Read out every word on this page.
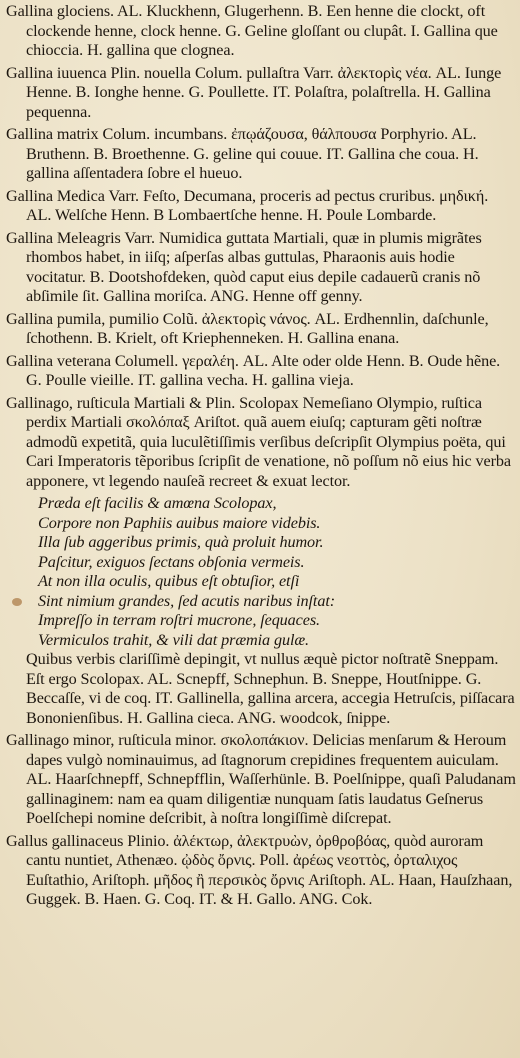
Gallina glociens. AL. Kluckhenn, Glugerhenn. B. Een henne die clockt, oft clockende henne, clock henne. G. Geline gloſſant ou clupât. I. Gallina que chioccia. H. gallina que clognea.

Gallina iuuenca Plin. nouella Colum. pullaſtra Varr. ἀλεκτορὶς νέα. AL. Iunge Henne. B. Ionghe henne. G. Poullette. IT. Polaſtra, polaſtrella. H. Gallina pequenna.

Gallina matrix Colum. incumbans. ἐπῳάζουσα, θάλπουσα Porphyrio. AL. Bruthenn. B. Broethenne. G. geline qui couue. IT. Gallina che coua. H. gallina aſſentadera ſobre el hueuo.

Gallina Medica Varr. Feſto, Decumana, proceris ad pectus cruribus. μηδική. AL. Welſche Henn. B Lombaertſche henne. H. Poule Lombarde.

Gallina Meleagris Varr. Numidica guttata Martiali, quæ in plumis migrãtes rhombos habet, in iiſq; aſperſas albas guttulas, Pharaonis auis hodie vocitatur. B. Dootshofdeken, quòd caput eius depile cadauerũ cranis nõ abſimile ſit. Gallina moriſca. ANG. Henne off genny.

Gallina pumila, pumilio Colũ. ἀλεκτορὶς νάνος. AL. Erdhennlin, daſchunle, ſchothenn. B. Krielt, oft Kriephenneken. H. Gallina enana.

Gallina veterana Columell. γεραλέη. AL. Alte oder olde Henn. B. Oude hẽne. G. Poulle vieille. IT. gallina vecha. H. gallina vieja.

Gallinago, ruſticula Martiali & Plin. Scolopax Nemeſiano Olympio, ruſtica perdix Martiali σκολόπαξ Ariſtot. quã auem eiuſq; capturam gẽti noſtræ admodũ expetitã, quia luculẽtiſſimis verſibus deſcripſit Olympius poëta, qui Cari Imperatoris tẽporibus ſcripſit de venatione, nõ poſſum nõ eius hic verba apponere, vt legendo nauſeã recreet & exuat lector.

Præda eſt facilis & amœna Scolopax,

Corpore non Paphiis auibus maiore videbis.

Illa ſub aggeribus primis, quà proluit humor.

Paſcitur, exiguos ſectans obſonia vermeis.

At non illa oculis, quibus eſt obtuſior, etſi

Sint nimium grandes, ſed acutis naribus inſtat:

Impreſſo in terram roſtri mucrone, ſequaces.

Vermiculos trahit, & vili dat præmia gulæ.

Quibus verbis clariſſimè depingit, vt nullus æquè pictor noſtratẽ Sneppam. Eſt ergo Scolopax. AL. Scnepff, Schnephun. B. Sneppe, Houtſnippe. G. Beccaſſe, vi de coq. IT. Gallinella, gallina arcera, accegia Hetruſcis, piſſacara Bononienſibus. H. Gallina cieca. ANG. woodcok, ſnippe.

Gallinago minor, ruſticula minor. σκολοπάκιον. Delicias menſarum & Heroum dapes vulgò nominauimus, ad ſtagnorum crepidines frequentem auiculam. AL. Haarſchnepff, Schnepfflin, Waſſerhünle. B. Poelſnippe, quaſi Paludanam gallinaginem: nam ea quam diligentiæ nunquam ſatis laudatus Geſnerus Poelſchepi nomine deſcribit, à noſtra longiſſimè diſcrepat.

Gallus gallinaceus Plinio. ἀλέκτωρ, ἀλεκτρυὼν, ὀρθροβόας, quòd auroram cantu nuntiet, Athenæo. ᾠδὸς ὄρνις. Poll. ἀρέως νεοττὸς, ὀρταλιχος Euſtathio, Ariſtoph. μῆδος ἢ περσικὸς ὄρνις Ariſtoph. AL. Haan, Hauſzhaan, Guggek. B. Haen. G. Coq. IT. & H. Gallo. ANG. Cok.
